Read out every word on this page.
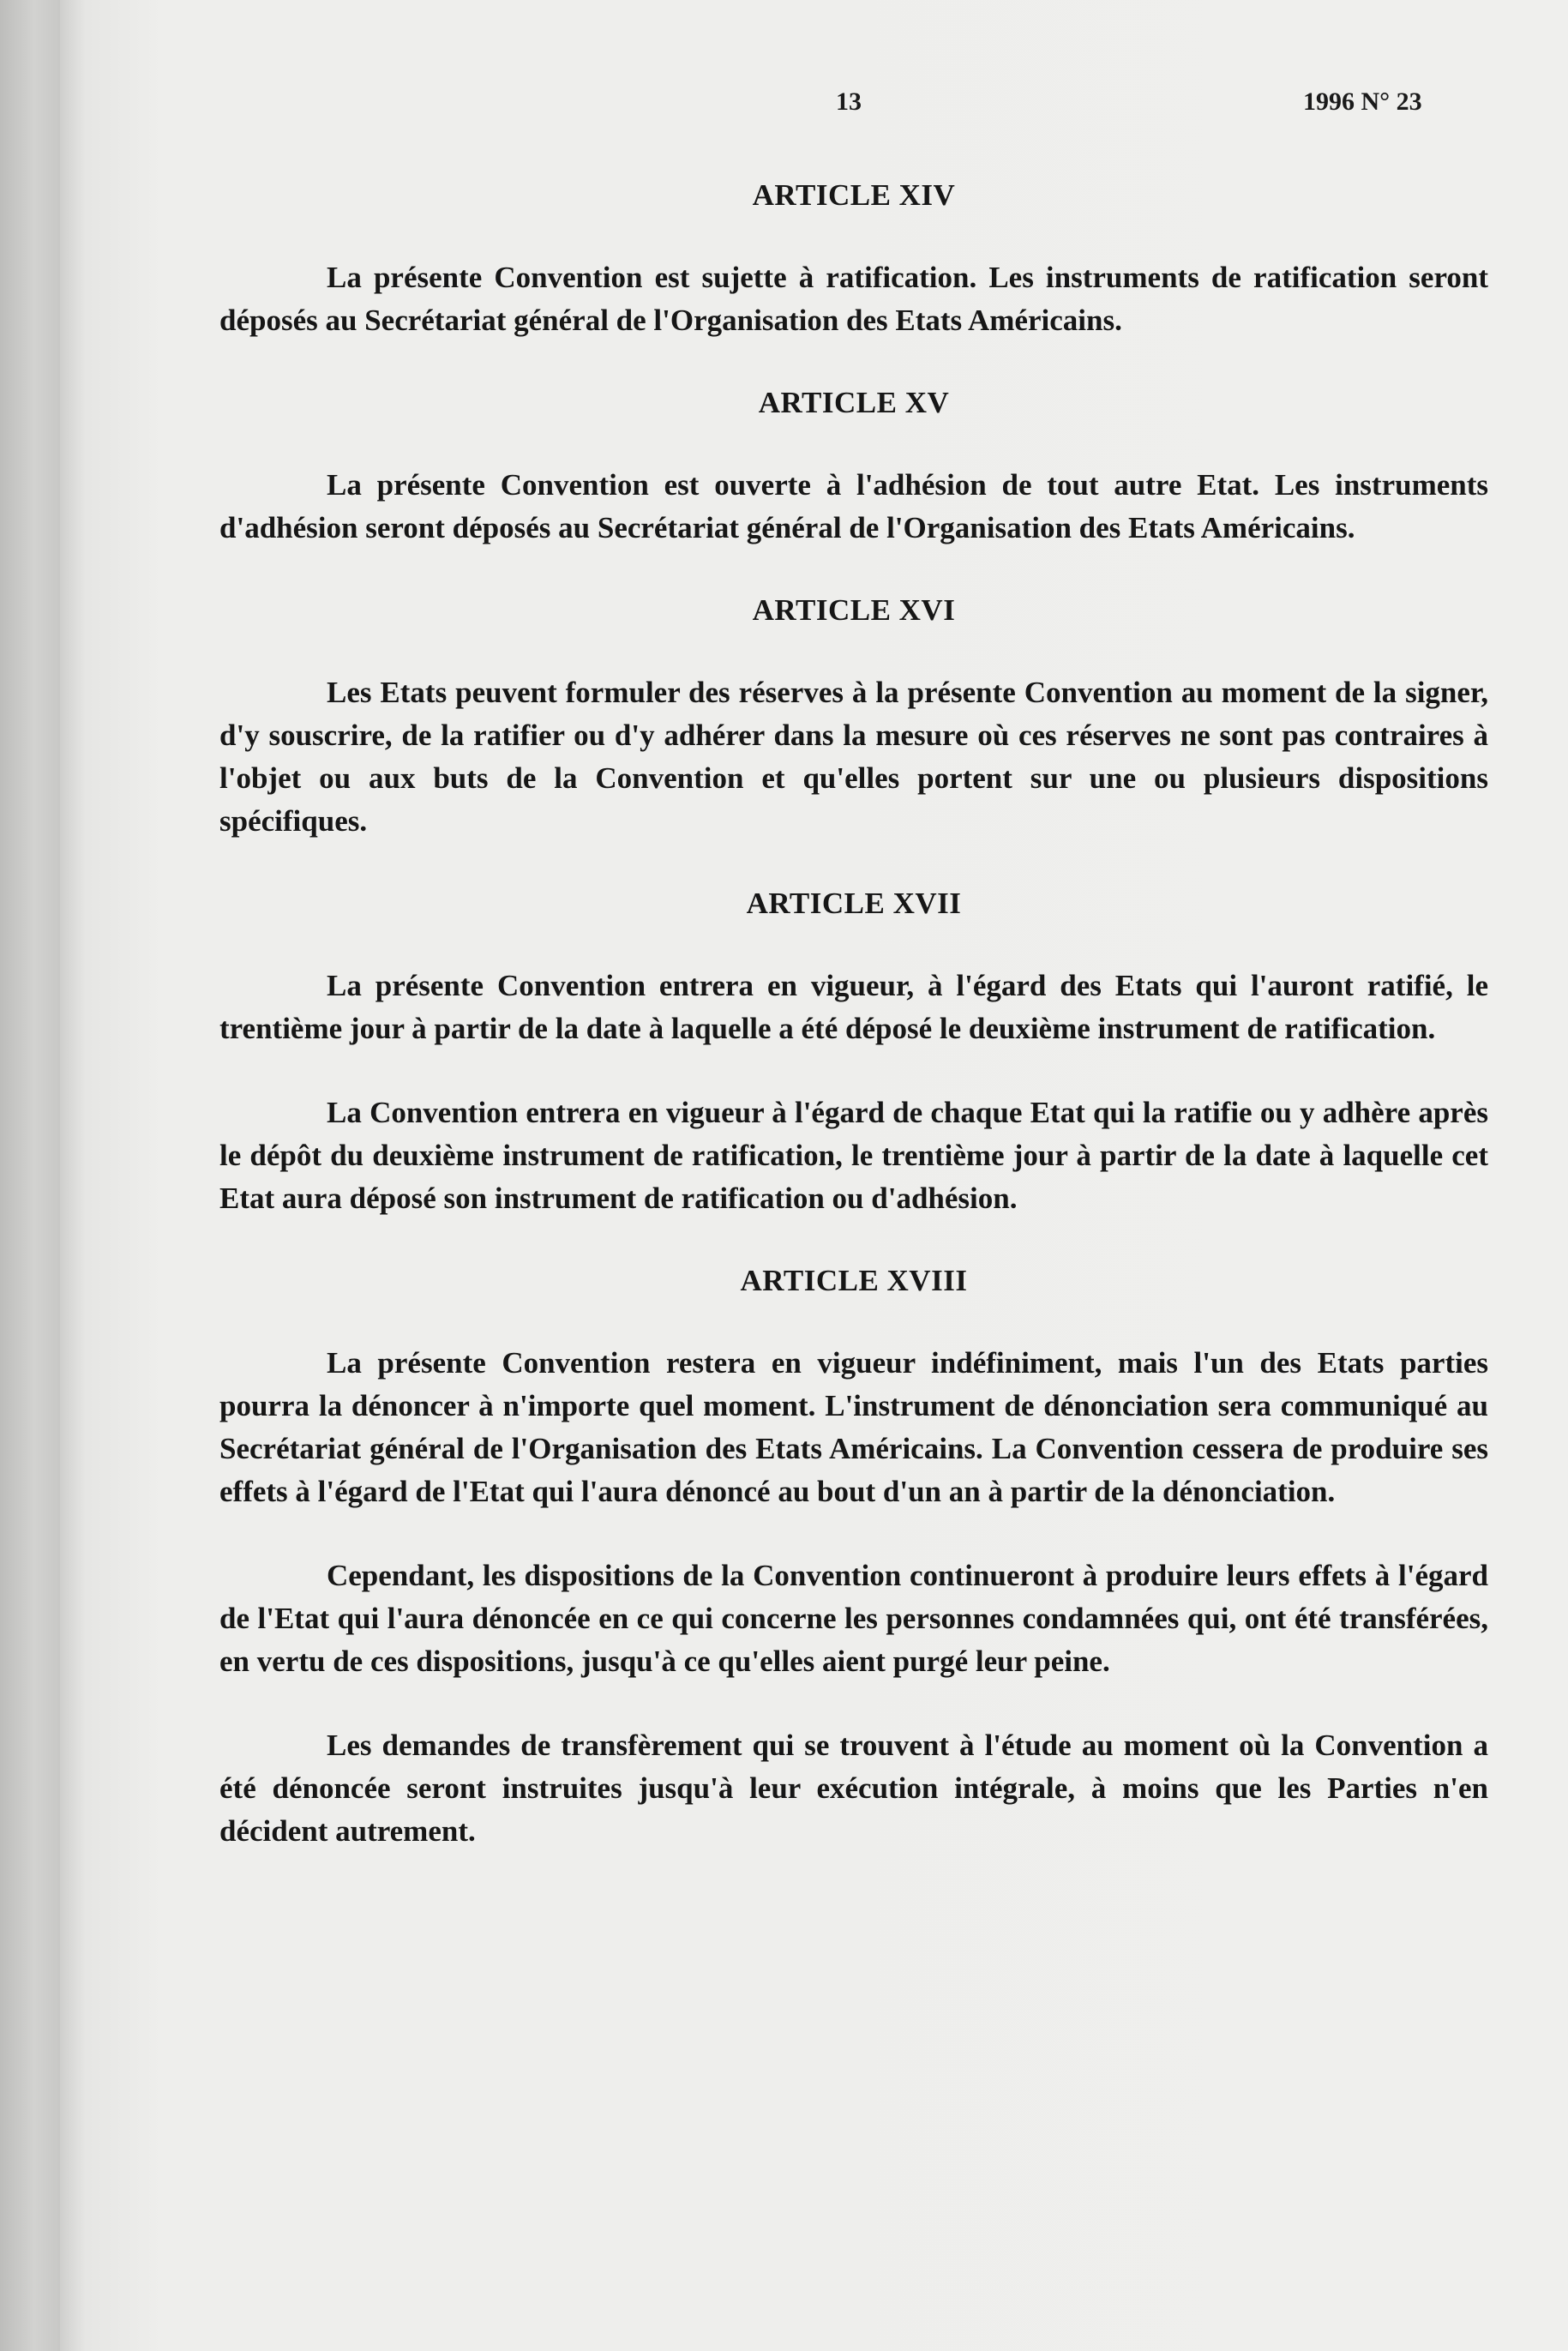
13	1996 N° 23
ARTICLE XIV

La présente Convention est sujette à ratification. Les instruments de ratification seront déposés au Secrétariat général de l'Organisation des Etats Américains.

ARTICLE XV

La présente Convention est ouverte à l'adhésion de tout autre Etat. Les instruments d'adhésion seront déposés au Secrétariat général de l'Organisation des Etats Américains.

ARTICLE XVI

Les Etats peuvent formuler des réserves à la présente Convention au moment de la signer, d'y souscrire, de la ratifier ou d'y adhérer dans la mesure où ces réserves ne sont pas contraires à l'objet ou aux buts de la Convention et qu'elles portent sur une ou plusieurs dispositions spécifiques.

ARTICLE XVII

La présente Convention entrera en vigueur, à l'égard des Etats qui l'auront ratifié, le trentième jour à partir de la date à laquelle a été déposé le deuxième instrument de ratification.

La Convention entrera en vigueur à l'égard de chaque Etat qui la ratifie ou y adhère après le dépôt du deuxième instrument de ratification, le trentième jour à partir de la date à laquelle cet Etat aura déposé son instrument de ratification ou d'adhésion.

ARTICLE XVIII

La présente Convention restera en vigueur indéfiniment, mais l'un des Etats parties pourra la dénoncer à n'importe quel moment. L'instrument de dénonciation sera communiqué au Secrétariat général de l'Organisation des Etats Américains. La Convention cessera de produire ses effets à l'égard de l'Etat qui l'aura dénoncé au bout d'un an à partir de la dénonciation.

Cependant, les dispositions de la Convention continueront à produire leurs effets à l'égard de l'Etat qui l'aura dénoncée en ce qui concerne les personnes condamnées qui, ont été transférées, en vertu de ces dispositions, jusqu'à ce qu'elles aient purgé leur peine.

Les demandes de transfèrement qui se trouvent à l'étude au moment où la Convention a été dénoncée seront instruites jusqu'à leur exécution intégrale, à moins que les Parties n'en décident autrement.
